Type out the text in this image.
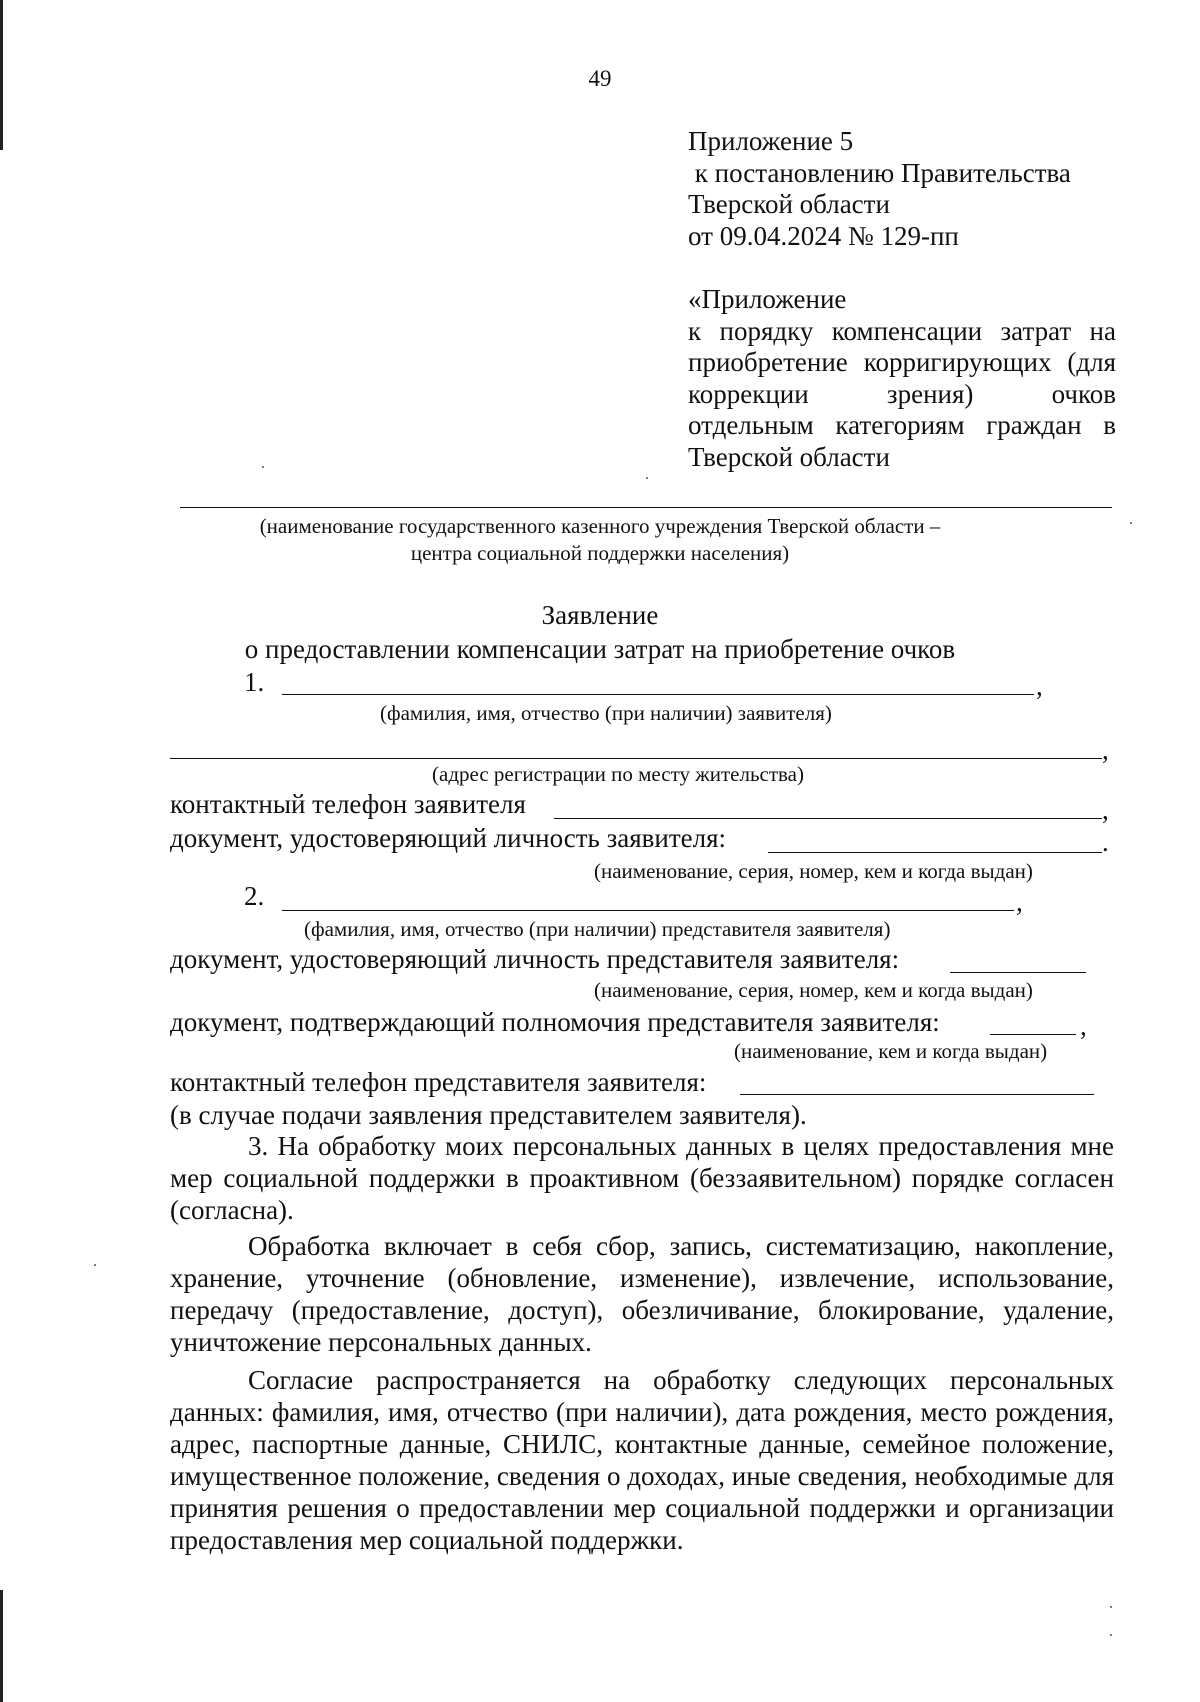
49
Приложение 5
к постановлению Правительства
Тверской области
от 09.04.2024 № 129-пп
«Приложение
к порядку компенсации затрат на
приобретение корригирующих (для
коррекции зрения) очков
отдельным категориям граждан в
Тверской области
(наименование государственного казенного учреждения Тверской области –
центра социальной поддержки населения)
Заявление
о предоставлении компенсации затрат на приобретение очков
1.	,
(фамилия, имя, отчество (при наличии) заявителя)
,
(адрес регистрации по месту жительства)
контактный телефон заявителя	,
документ, удостоверяющий личность заявителя:	.
(наименование, серия, номер, кем и когда выдан)
2.	,
(фамилия, имя, отчество (при наличии) представителя заявителя)
документ, удостоверяющий личность представителя заявителя:
(наименование, серия, номер, кем и когда выдан)
документ, подтверждающий полномочия представителя заявителя:	,
(наименование, кем и когда выдан)
контактный телефон представителя заявителя:
(в случае подачи заявления представителем заявителя).
3. На обработку моих персональных данных в целях предоставления мне мер социальной поддержки в проактивном (беззаявительном) порядке согласен (согласна).
Обработка включает в себя сбор, запись, систематизацию, накопление, хранение, уточнение (обновление, изменение), извлечение, использование, передачу (предоставление, доступ), обезличивание, блокирование, удаление, уничтожение персональных данных.
Согласие распространяется на обработку следующих персональных данных: фамилия, имя, отчество (при наличии), дата рождения, место рождения, адрес, паспортные данные, СНИЛС, контактные данные, семейное положение, имущественное положение, сведения о доходах, иные сведения, необходимые для принятия решения о предоставлении мер социальной поддержки и организации предоставления мер социальной поддержки.
